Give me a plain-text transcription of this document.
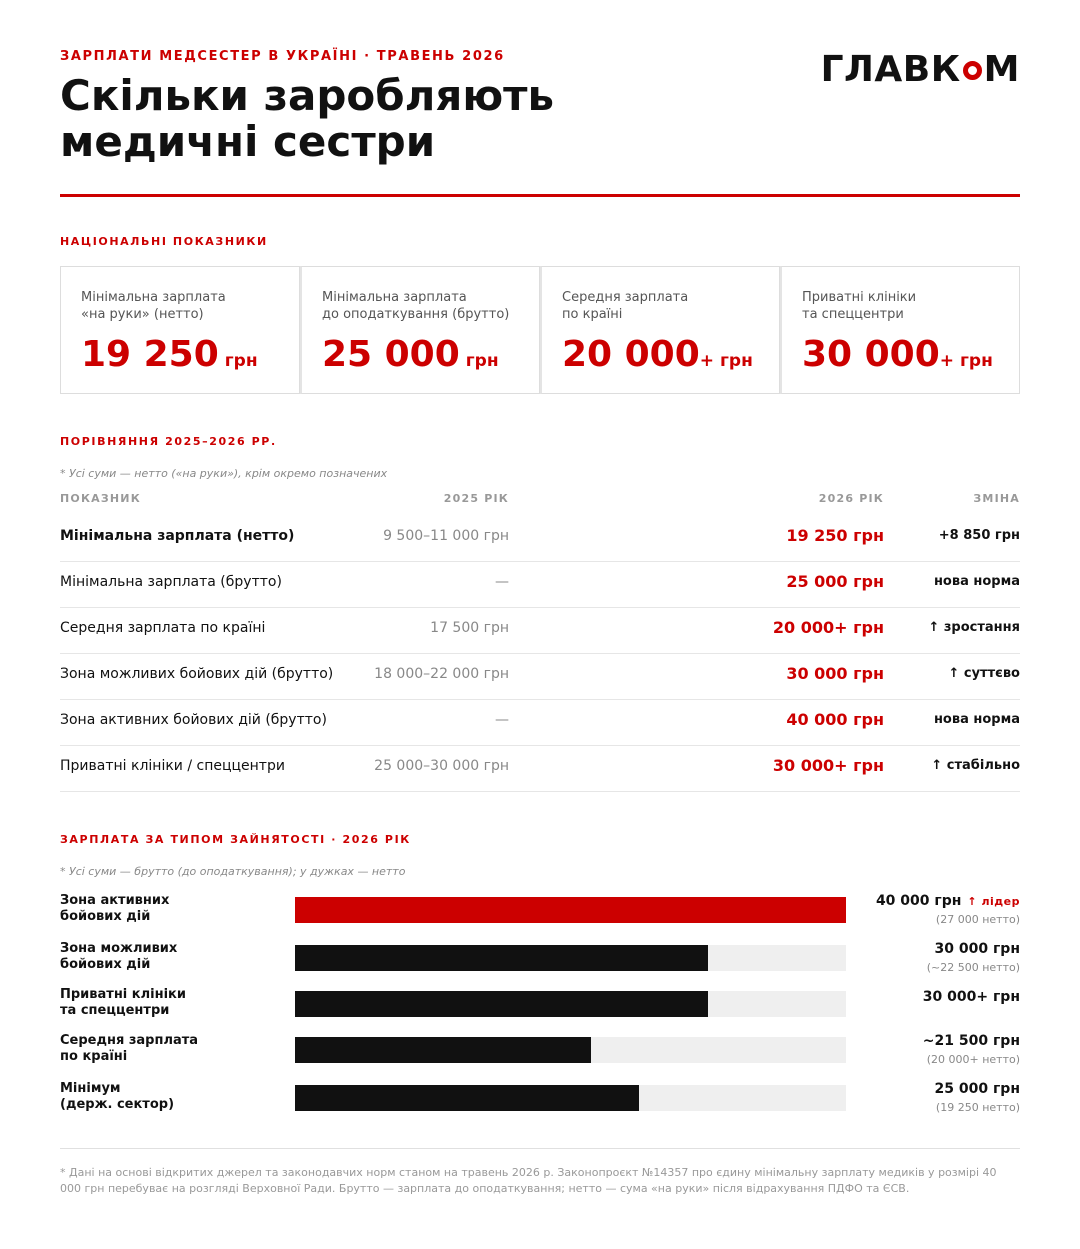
ЗАРПЛАТИ МЕДСЕСТЕР В УКРАЇНІ · ТРАВЕНЬ 2026
Скільки заробляють медичні сестри
ГЛАВК М
НАЦІОНАЛЬНІ ПОКАЗНИКИ
Мінімальна зарплата
«на руки» (нетто)
19 250 грн
Мінімальна зарплата
до оподаткування (брутто)
25 000 грн
Середня зарплата
по країні
20 000+ грн
Приватні клініки
та спеццентри
30 000+ грн
ПОРІВНЯННЯ 2025–2026 РР.
* Усі суми — нетто («на руки»), крім окремо позначених
ПОКАЗНИК	2025 РІК	2026 РІК	ЗМІНА
Мінімальна зарплата (нетто)	9 500–11 000 грн	19 250 грн	+8 850 грн
Мінімальна зарплата (брутто)	—	25 000 грн	нова норма
Середня зарплата по країні	17 500 грн	20 000+ грн	↑ зростання
Зона можливих бойових дій (брутто)	18 000–22 000 грн	30 000 грн	↑ суттєво
Зона активних бойових дій (брутто)	—	40 000 грн	нова норма
Приватні клініки / спеццентри	25 000–30 000 грн	30 000+ грн	↑ стабільно
ЗАРПЛАТА ЗА ТИПОМ ЗАЙНЯТОСТІ · 2026 РІК
* Усі суми — брутто (до оподаткування); у дужках — нетто
Зона активних
бойових дій
40 000 грн ↑ лідер
(27 000 нетто)
Зона можливих
бойових дій
30 000 грн
(~22 500 нетто)
Приватні клініки
та спеццентри
30 000+ грн
Середня зарплата
по країні
~21 500 грн
(20 000+ нетто)
Мінімум
(держ. сектор)
25 000 грн
(19 250 нетто)
* Дані на основі відкритих джерел та законодавчих норм станом на травень 2026 р. Законопроєкт №14357 про єдину мінімальну зарплату медиків у розмірі 40 000 грн перебуває на розгляді Верховної Ради. Брутто — зарплата до оподаткування; нетто — сума «на руки» після відрахування ПДФО та ЄСВ.
